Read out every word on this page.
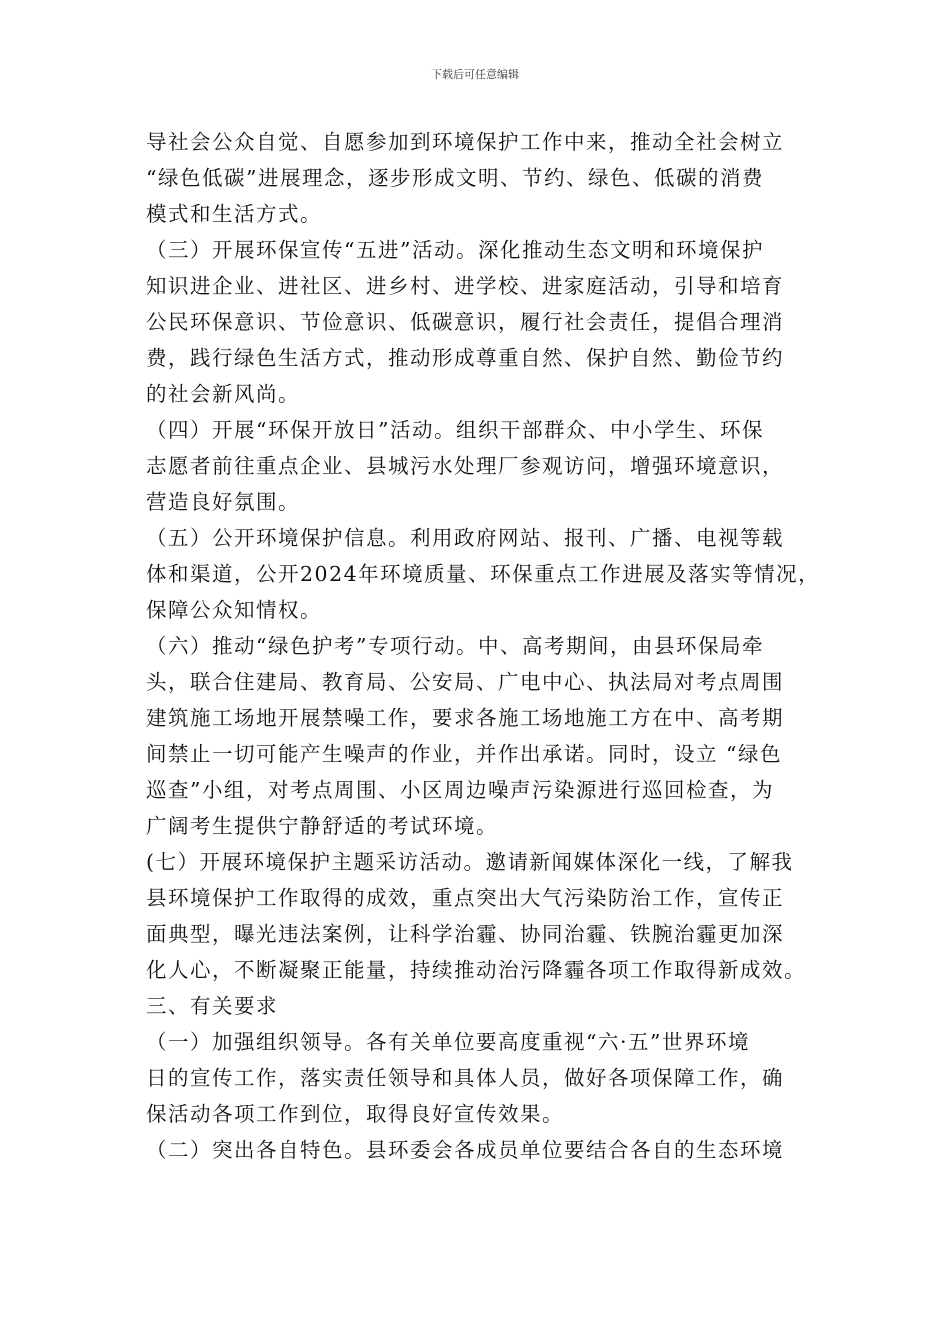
下载后可任意编辑
导社会公众自觉、自愿参加到环境保护工作中来，推动全社会树立
“绿色低碳”进展理念，逐步形成文明、节约、绿色、低碳的消费
模式和生活方式。
（三）开展环保宣传“五进”活动。深化推动生态文明和环境保护
知识进企业、进社区、进乡村、进学校、进家庭活动，引导和培育
公民环保意识、节俭意识、低碳意识，履行社会责任，提倡合理消
费，践行绿色生活方式，推动形成尊重自然、保护自然、勤俭节约
的社会新风尚。
（四）开展“环保开放日”活动。组织干部群众、中小学生、环保
志愿者前往重点企业、县城污水处理厂参观访问，增强环境意识，
营造良好氛围。
（五）公开环境保护信息。利用政府网站、报刊、广播、电视等载
体和渠道，公开2024年环境质量、环保重点工作进展及落实等情况，
保障公众知情权。
（六）推动“绿色护考”专项行动。中、高考期间，由县环保局牵
头，联合住建局、教育局、公安局、广电中心、执法局对考点周围
建筑施工场地开展禁噪工作，要求各施工场地施工方在中、高考期
间禁止一切可能产生噪声的作业，并作出承诺。同时，设立 “绿色
巡查”小组，对考点周围、小区周边噪声污染源进行巡回检查，为
广阔考生提供宁静舒适的考试环境。
(七）开展环境保护主题采访活动。邀请新闻媒体深化一线，了解我
县环境保护工作取得的成效，重点突出大气污染防治工作，宣传正
面典型，曝光违法案例，让科学治霾、协同治霾、铁腕治霾更加深
化人心，不断凝聚正能量，持续推动治污降霾各项工作取得新成效。
三、有关要求
（一）加强组织领导。各有关单位要高度重视“六·五”世界环境
日的宣传工作，落实责任领导和具体人员，做好各项保障工作，确
保活动各项工作到位，取得良好宣传效果。
（二）突出各自特色。县环委会各成员单位要结合各自的生态环境
